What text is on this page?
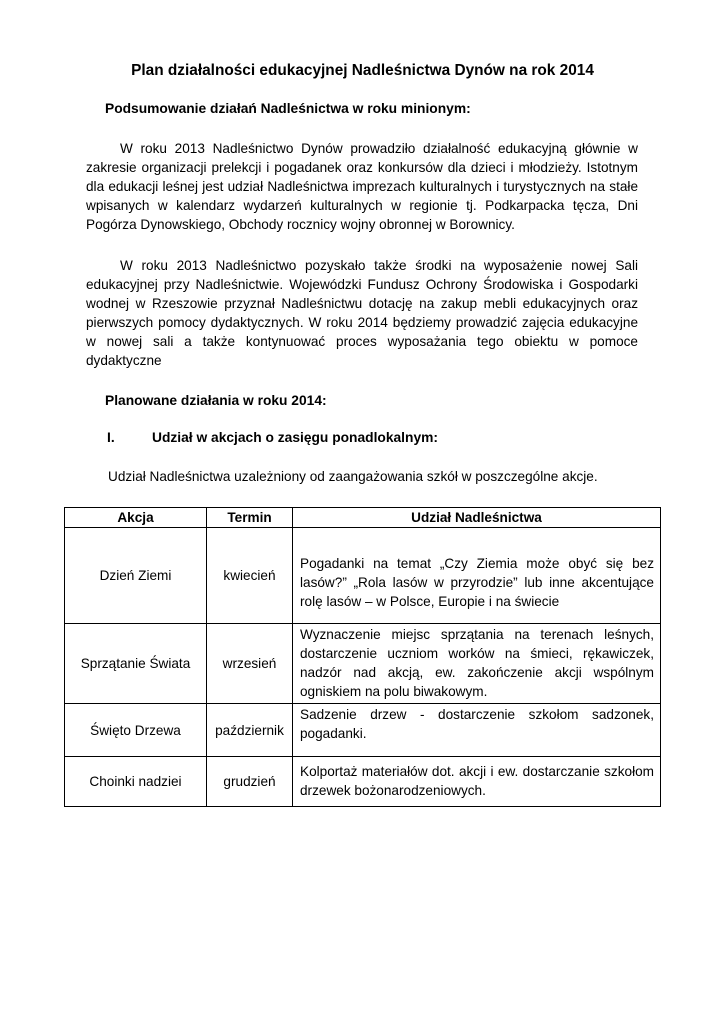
Plan działalności edukacyjnej Nadleśnictwa Dynów na rok 2014
Podsumowanie działań Nadleśnictwa w roku minionym:

W roku 2013 Nadleśnictwo Dynów prowadziło działalność edukacyjną głównie w zakresie organizacji prelekcji i pogadanek oraz konkursów dla dzieci i młodzieży. Istotnym dla edukacji leśnej jest udział Nadleśnictwa imprezach kulturalnych i turystycznych na stałe wpisanych w kalendarz wydarzeń kulturalnych w regionie tj. Podkarpacka tęcza, Dni Pogórza Dynowskiego, Obchody rocznicy wojny obronnej w Borownicy.

W roku 2013 Nadleśnictwo pozyskało także środki na wyposażenie nowej Sali edukacyjnej przy Nadleśnictwie. Wojewódzki Fundusz Ochrony Środowiska i Gospodarki wodnej w Rzeszowie przyznał Nadleśnictwu dotację na zakup mebli edukacyjnych oraz pierwszych pomocy dydaktycznych. W roku 2014 będziemy prowadzić zajęcia edukacyjne w nowej sali a także kontynuować proces wyposażania tego obiektu w pomoce dydaktyczne

Planowane działania w roku 2014:
I.	Udział w akcjach o zasięgu ponadlokalnym:

Udział Nadleśnictwa uzależniony od zaangażowania szkół w poszczególne akcje.

Akcja	Termin	Udział Nadleśnictwa
Dzień Ziemi	kwiecień	Pogadanki na temat „Czy Ziemia może obyć się bez lasów?” „Rola lasów w przyrodzie” lub inne akcentujące rolę lasów – w Polsce, Europie i na świecie
Sprzątanie Świata	wrzesień	Wyznaczenie miejsc sprzątania na terenach leśnych, dostarczenie uczniom worków na śmieci, rękawiczek, nadzór nad akcją, ew. zakończenie akcji wspólnym ogniskiem na polu biwakowym.
Święto Drzewa	październik	Sadzenie drzew - dostarczenie szkołom sadzonek, pogadanki.
Choinki nadziei	grudzień	Kolportaż materiałów dot. akcji i ew. dostarczanie szkołom drzewek bożonarodzeniowych.
